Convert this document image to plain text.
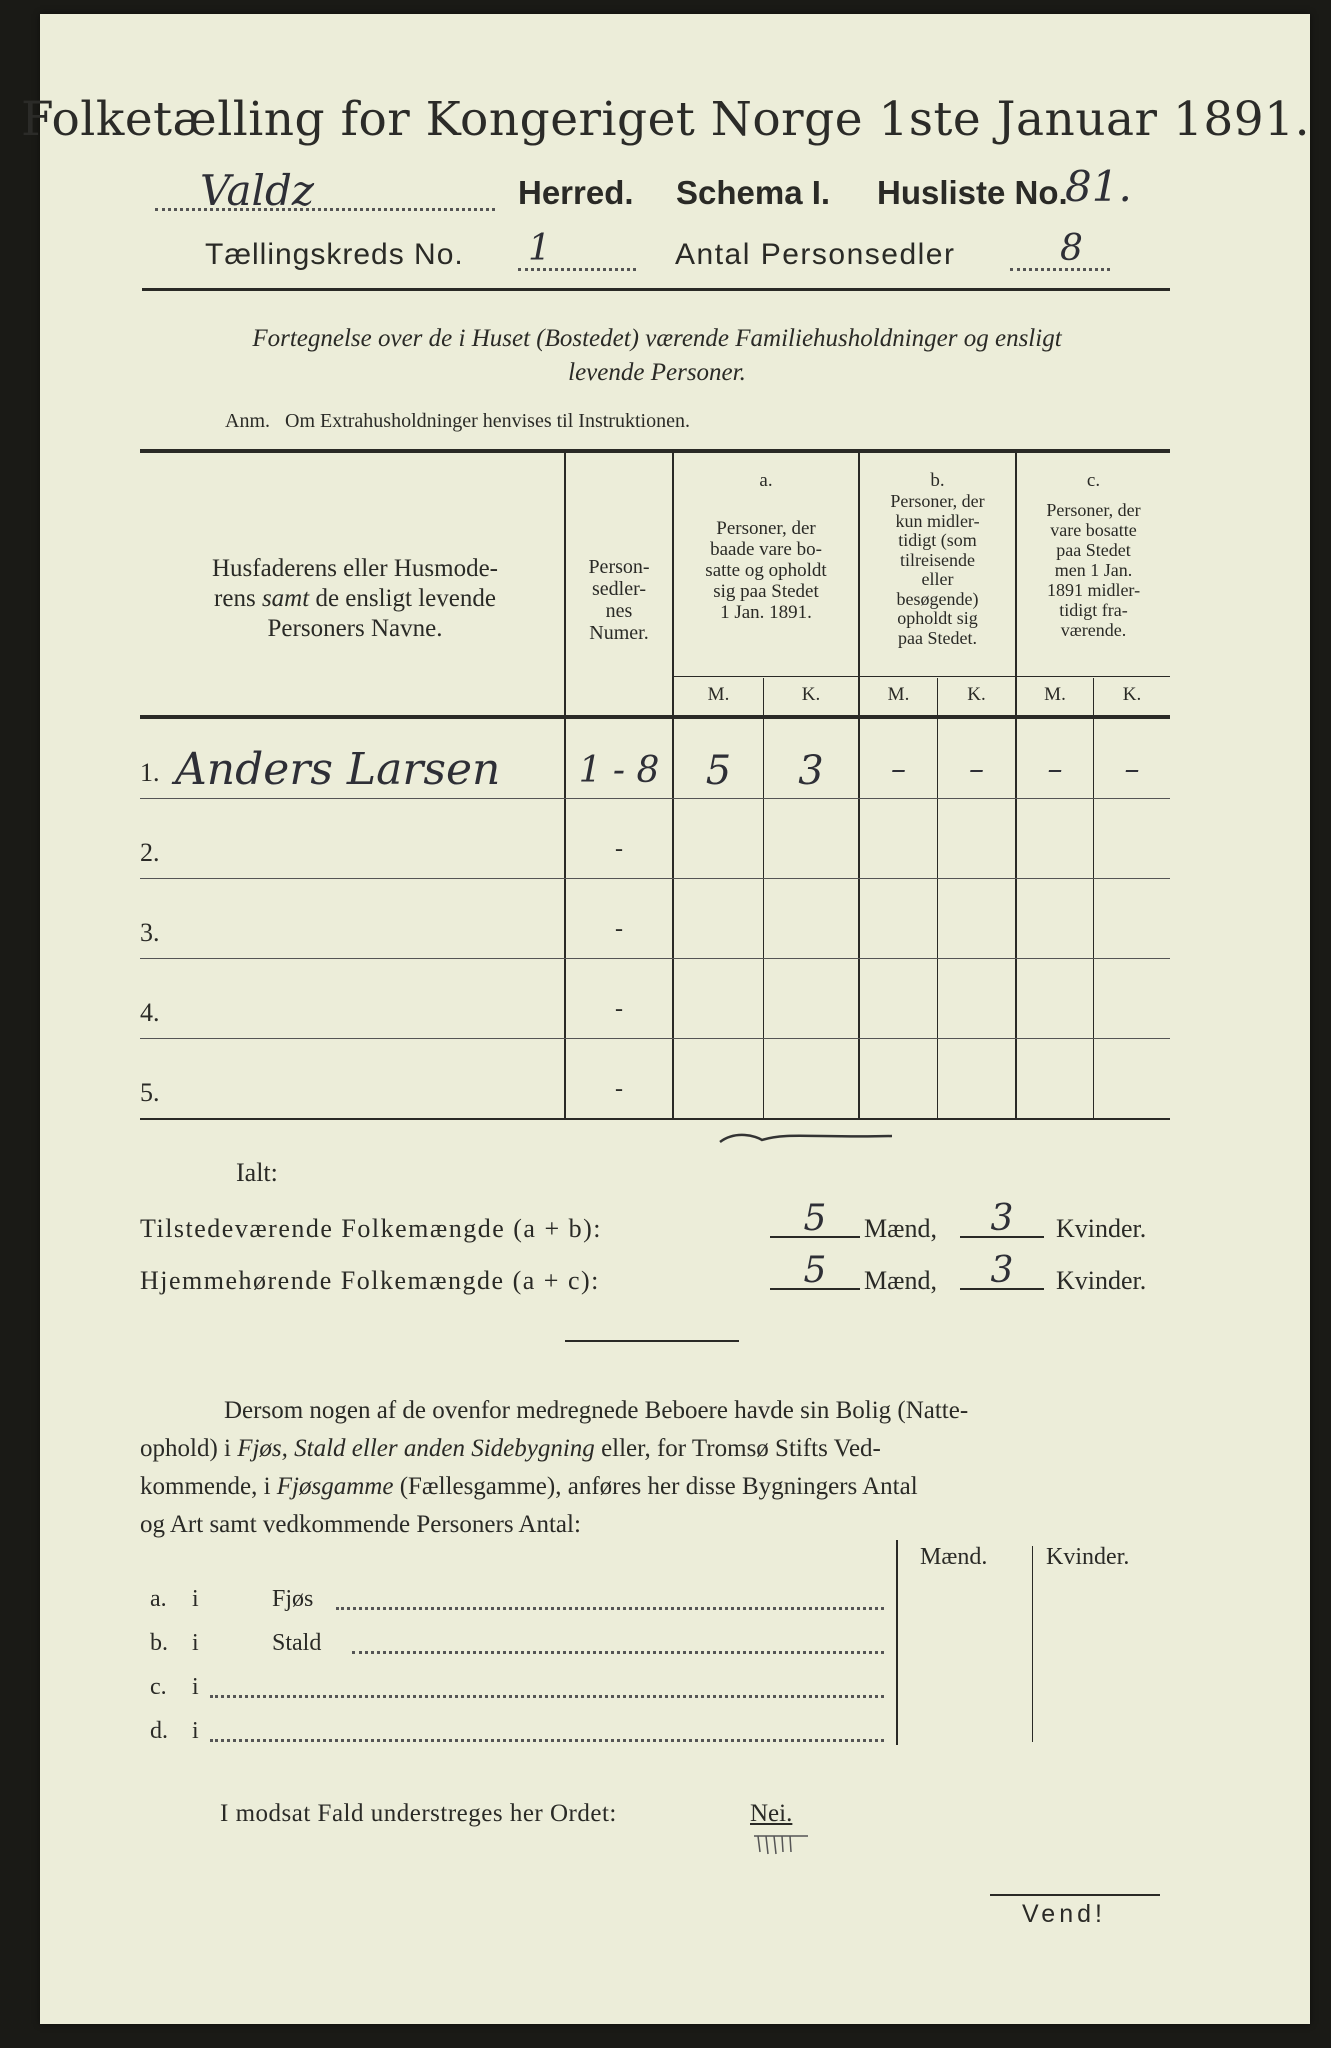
Folketælling for Kongeriget Norge 1ste Januar 1891.
Valdz	Herred. Schema I. Husliste No.
81.
Tællingskreds No. 1	Antal Personsedler	8
Fortegnelse over de i Huset (Bostedet) værende Familiehusholdninger og ensligt
levende Personer.
Anm. Om Extrahusholdninger henvises til Instruktionen.
Husfaderens eller Husmode-
rens samt de ensligt levende
Personers Navne.
Person-
sedler-
nes
Numer.
a.
Personer, der
baade vare bo-
satte og opholdt
sig paa Stedet
1 Jan. 1891.
b.
Personer, der
kun midler-
tidigt (som
tilreisende
eller
besøgende)
opholdt sig
paa Stedet.
c.
Personer, der
vare bosatte
paa Stedet
men 1 Jan.
1891 midler-
tidigt fra-
værende.
M.	K.	M.	K.	M.	K.
1. Anders Larsen	1 - 8	5	3	–	–	–	–
2.	-
3.	-
4.	-
5.	-
Ialt:
Tilstedeværende Folkemængde (a + b):	5	Mænd,	3	Kvinder.
Hjemmehørende Folkemængde (a + c):	5	Mænd,	3	Kvinder.
Dersom nogen af de ovenfor medregnede Beboere havde sin Bolig (Natte-
ophold) i Fjøs, Stald eller anden Sidebygning eller, for Tromsø Stifts Ved-
kommende, i Fjøsgamme (Fællesgamme), anføres her disse Bygningers Antal
og Art samt vedkommende Personers Antal:
Mænd. Kvinder.
a. i	Fjøs
b. i	Stald
c. i
d. i
I modsat Fald understreges her Ordet:	Nei.
Vend!
